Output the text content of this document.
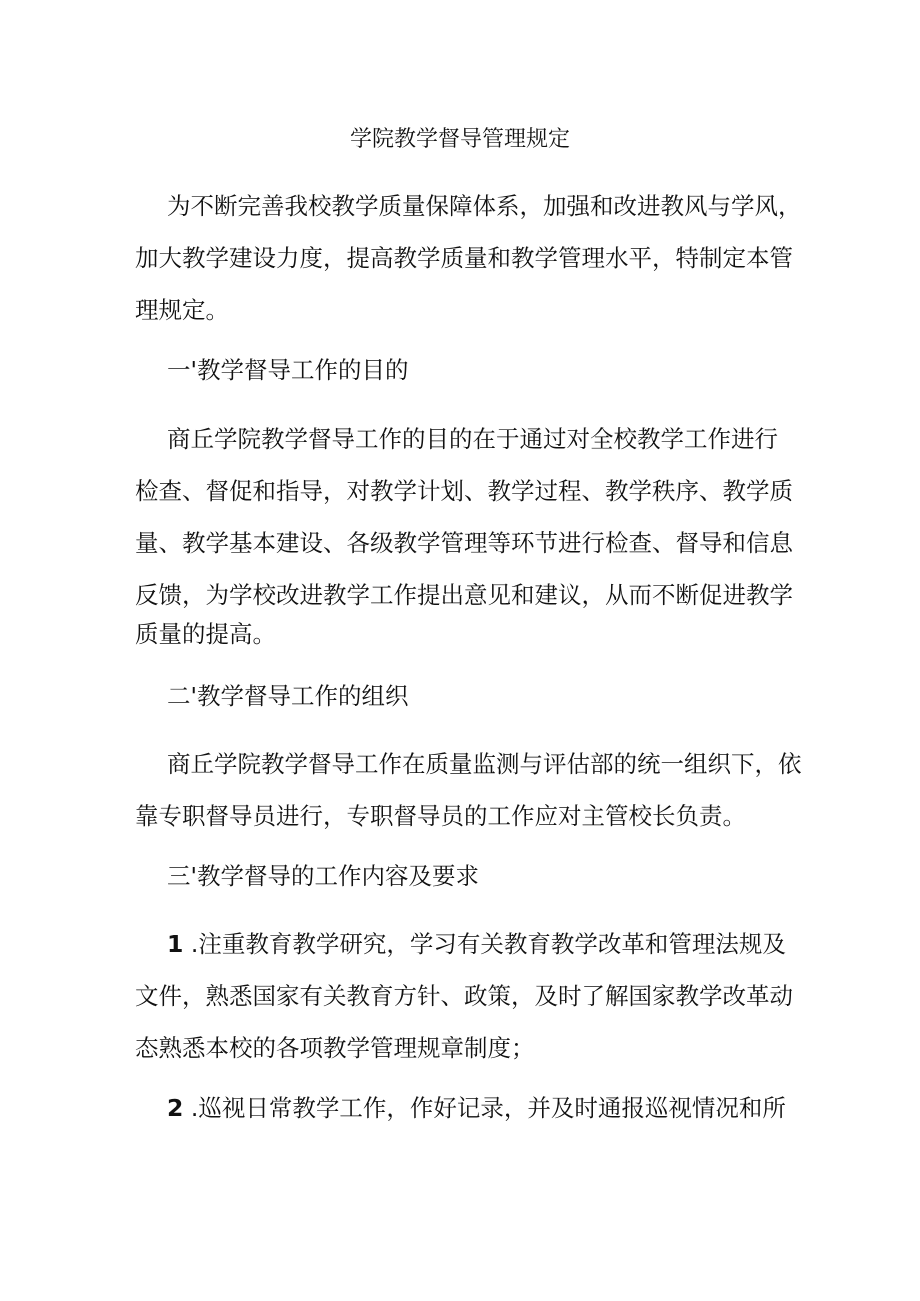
学院教学督导管理规定
为不断完善我校教学质量保障体系，加强和改进教风与学风，
加大教学建设力度，提高教学质量和教学管理水平，特制定本管
理规定。
一'教学督导工作的目的
商丘学院教学督导工作的目的在于通过对全校教学工作进行
检查、督促和指导，对教学计划、教学过程、教学秩序、教学质
量、教学基本建设、各级教学管理等环节进行检查、督导和信息
反馈，为学校改进教学工作提出意见和建议，从而不断促进教学
质量的提高。
二'教学督导工作的组织
商丘学院教学督导工作在质量监测与评估部的统一组织下，依
靠专职督导员进行，专职督导员的工作应对主管校长负责。
三'教学督导的工作内容及要求
1 .注重教育教学研究，学习有关教育教学改革和管理法规及
文件，熟悉国家有关教育方针、政策，及时了解国家教学改革动
态熟悉本校的各项教学管理规章制度；
2 .巡视日常教学工作，作好记录，并及时通报巡视情况和所
